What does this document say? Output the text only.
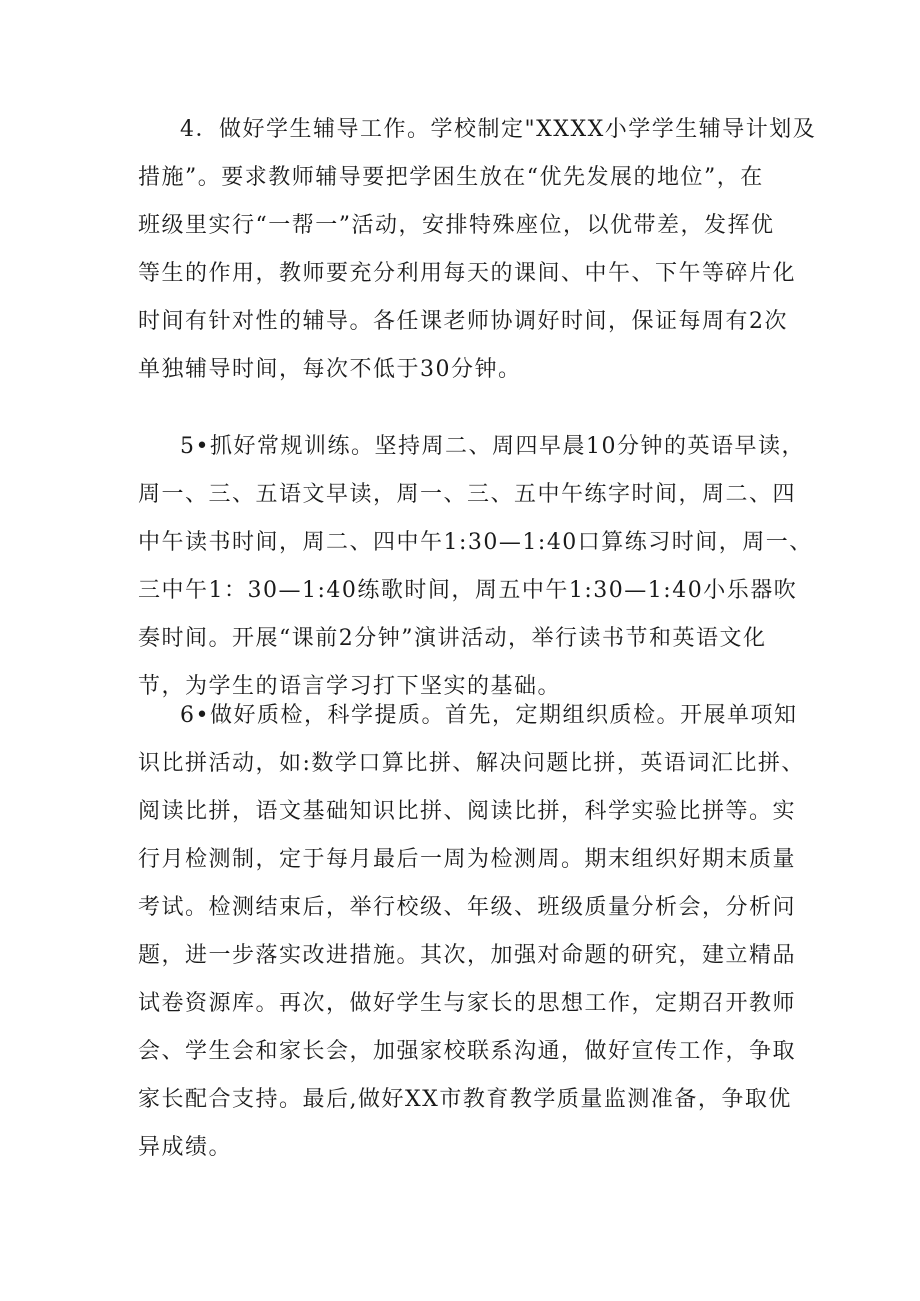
4．做好学生辅导工作。学校制定"XXXX小学学生辅导计划及
措施”。要求教师辅导要把学困生放在“优先发展的地位”，在
班级里实行“一帮一”活动，安排特殊座位，以优带差，发挥优
等生的作用，教师要充分利用每天的课间、中午、下午等碎片化
时间有针对性的辅导。各任课老师协调好时间，保证每周有2次
单独辅导时间，每次不低于30分钟。
5•抓好常规训练。坚持周二、周四早晨10分钟的英语早读，
周一、三、五语文早读，周一、三、五中午练字时间，周二、四
中午读书时间，周二、四中午1:30—1:40口算练习时间，周一、
三中午1：30—1:40练歌时间，周五中午1:30—1:40小乐器吹
奏时间。开展“课前2分钟”演讲活动，举行读书节和英语文化
节，为学生的语言学习打下坚实的基础。
6•做好质检，科学提质。首先，定期组织质检。开展单项知
识比拼活动，如:数学口算比拼、解决问题比拼，英语词汇比拼、
阅读比拼，语文基础知识比拼、阅读比拼，科学实验比拼等。实
行月检测制，定于每月最后一周为检测周。期末组织好期末质量
考试。检测结束后，举行校级、年级、班级质量分析会，分析问
题，进一步落实改进措施。其次，加强对命题的研究，建立精品
试卷资源库。再次，做好学生与家长的思想工作，定期召开教师
会、学生会和家长会，加强家校联系沟通，做好宣传工作，争取
家长配合支持。最后,做好XX市教育教学质量监测准备，争取优
异成绩。
